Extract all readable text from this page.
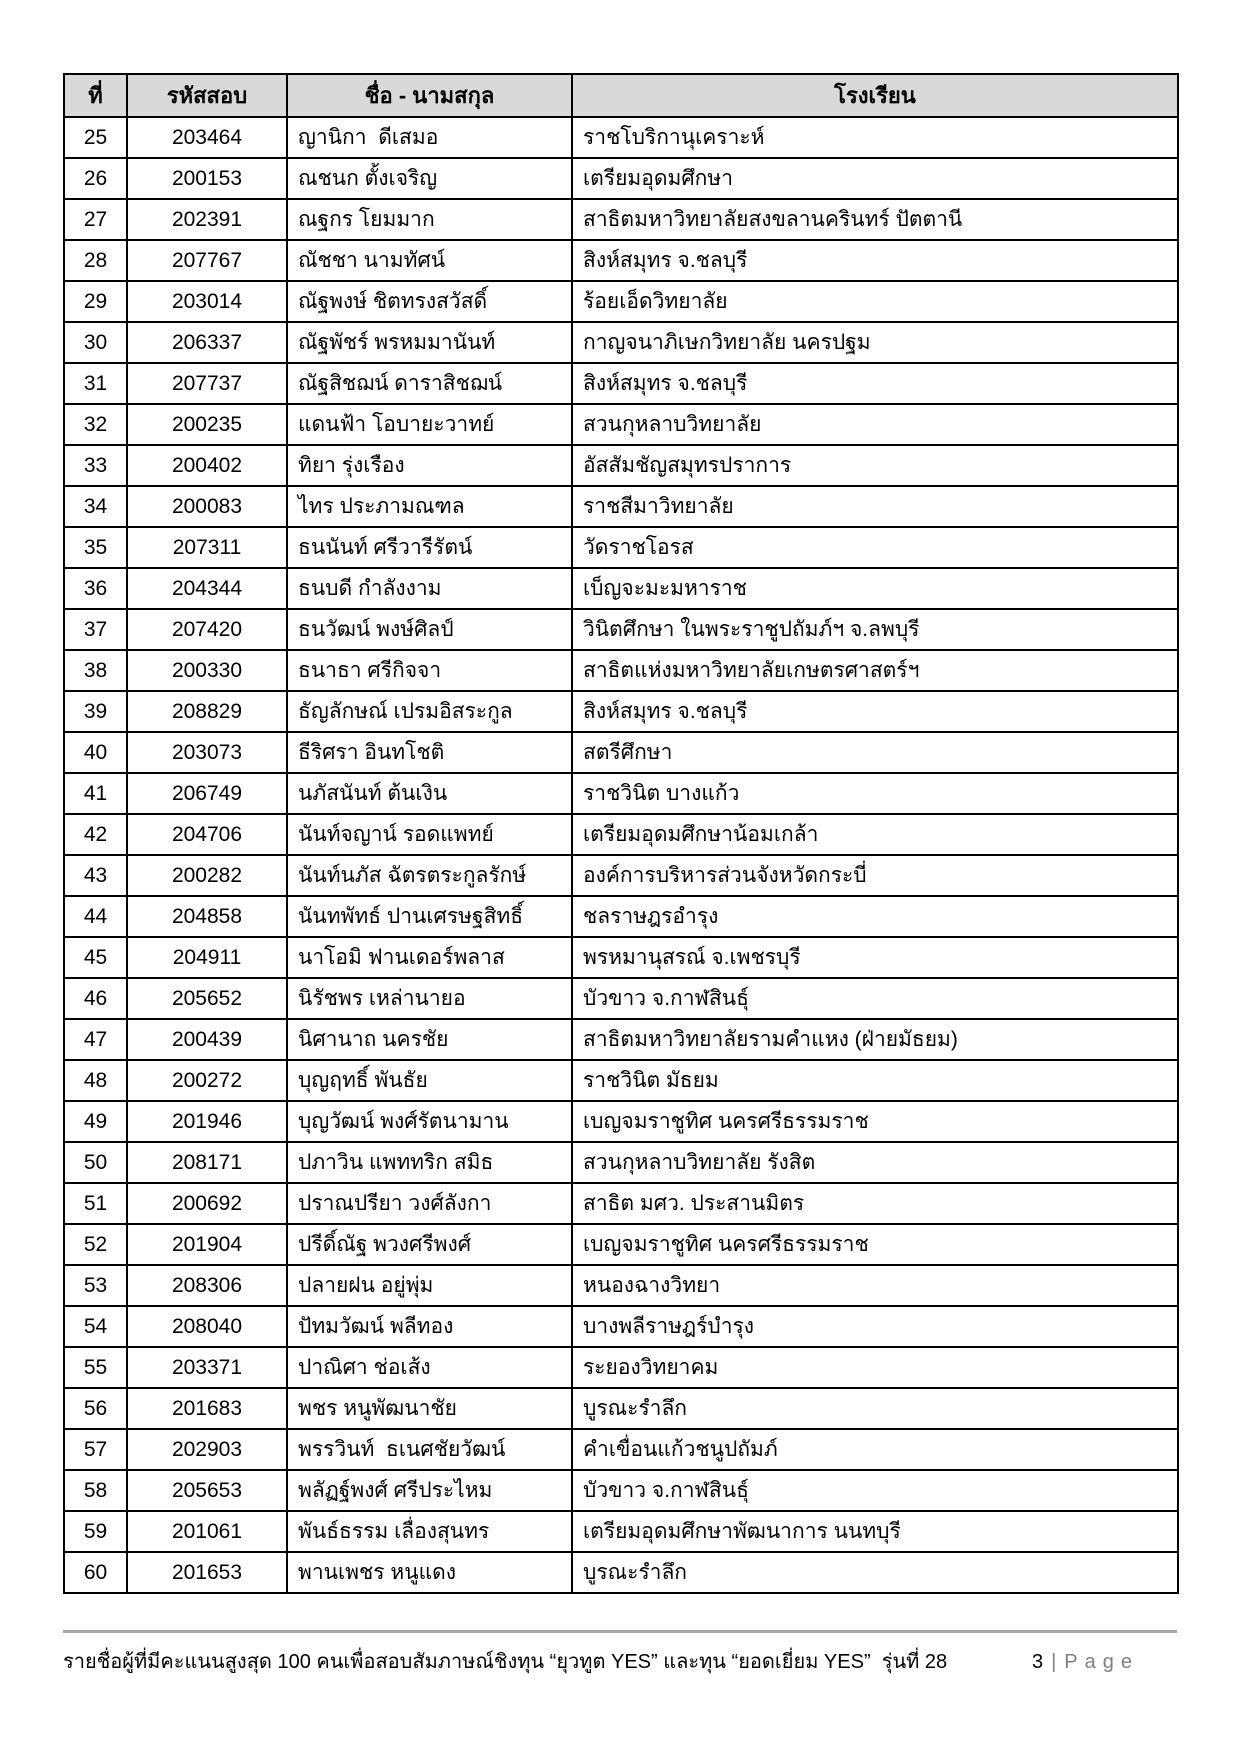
ที่	รหัสสอบ	ชื่อ - นามสกุล	โรงเรียน
25	203464	ญานิกา  ดีเสมอ	ราชโบริกานุเคราะห์
26	200153	ณชนก ตั้งเจริญ	เตรียมอุดมศึกษา
27	202391	ณฐกร โยมมาก	สาธิตมหาวิทยาลัยสงขลานครินทร์ ปัตตานี
28	207767	ณัชชา นามทัศน์	สิงห์สมุทร จ.ชลบุรี
29	203014	ณัฐพงษ์ ชิตทรงสวัสดิ์	ร้อยเอ็ดวิทยาลัย
30	206337	ณัฐพัชร์ พรหมมานันท์	กาญจนาภิเษกวิทยาลัย นครปฐม
31	207737	ณัฐสิชฌน์ ดาราสิชฌน์	สิงห์สมุทร จ.ชลบุรี
32	200235	แดนฟ้า โอบายะวาทย์	สวนกุหลาบวิทยาลัย
33	200402	ทิยา รุ่งเรือง	อัสสัมชัญสมุทรปราการ
34	200083	ไทร ประภามณฑล	ราชสีมาวิทยาลัย
35	207311	ธนนันท์ ศรีวารีรัตน์	วัดราชโอรส
36	204344	ธนบดี กำลังงาม	เบ็ญจะมะมหาราช
37	207420	ธนวัฒน์ พงษ์ศิลป์	วินิตศึกษา ในพระราชูปถัมภ์ฯ จ.ลพบุรี
38	200330	ธนาธา ศรีกิจจา	สาธิตแห่งมหาวิทยาลัยเกษตรศาสตร์ฯ
39	208829	ธัญลักษณ์ เปรมอิสระกูล	สิงห์สมุทร จ.ชลบุรี
40	203073	ธีริศรา อินทโชติ	สตรีศึกษา
41	206749	นภัสนันท์ ต้นเงิน	ราชวินิต บางแก้ว
42	204706	นันท์จญาน์ รอดแพทย์	เตรียมอุดมศึกษาน้อมเกล้า
43	200282	นันท์นภัส ฉัตรตระกูลรักษ์	องค์การบริหารส่วนจังหวัดกระบี่
44	204858	นันทพัทธ์ ปานเศรษฐสิทธิ์	ชลราษฎรอำรุง
45	204911	นาโอมิ ฟานเดอร์พลาส	พรหมานุสรณ์ จ.เพชรบุรี
46	205652	นิรัชพร เหล่านายอ	บัวขาว จ.กาฬสินธุ์
47	200439	นิศานาถ นครชัย	สาธิตมหาวิทยาลัยรามคำแหง (ฝ่ายมัธยม)
48	200272	บุญฤทธิ์ พันธัย	ราชวินิต มัธยม
49	201946	บุญวัฒน์ พงศ์รัตนามาน	เบญจมราชูทิศ นครศรีธรรมราช
50	208171	ปภาวิน แพททริก สมิธ	สวนกุหลาบวิทยาลัย รังสิต
51	200692	ปราณปรียา วงศ์ลังกา	สาธิต มศว. ประสานมิตร
52	201904	ปรีดิ์ณัฐ พวงศรีพงศ์	เบญจมราชูทิศ นครศรีธรรมราช
53	208306	ปลายฝน อยู่พุ่ม	หนองฉางวิทยา
54	208040	ปัทมวัฒน์ พลีทอง	บางพลีราษฎร์บำรุง
55	203371	ปาณิศา ช่อเส้ง	ระยองวิทยาคม
56	201683	พชร หนูพัฒนาชัย	บูรณะรำลึก
57	202903	พรรวินท์  ธเนศชัยวัฒน์	คำเขื่อนแก้วชนูปถัมภ์
58	205653	พลัฏฐ์พงศ์ ศรีประไหม	บัวขาว จ.กาฬสินธุ์
59	201061	พันธ์ธรรม เลื่องสุนทร	เตรียมอุดมศึกษาพัฒนาการ นนทบุรี
60	201653	พานเพชร หนูแดง	บูรณะรำลึก
รายชื่อผู้ที่มีคะแนนสูงสุด 100 คนเพื่อสอบสัมภาษณ์ชิงทุน “ยุวทูต YES” และทุน “ยอดเยี่ยม YES”  รุ่นที่ 28	3 | Page
